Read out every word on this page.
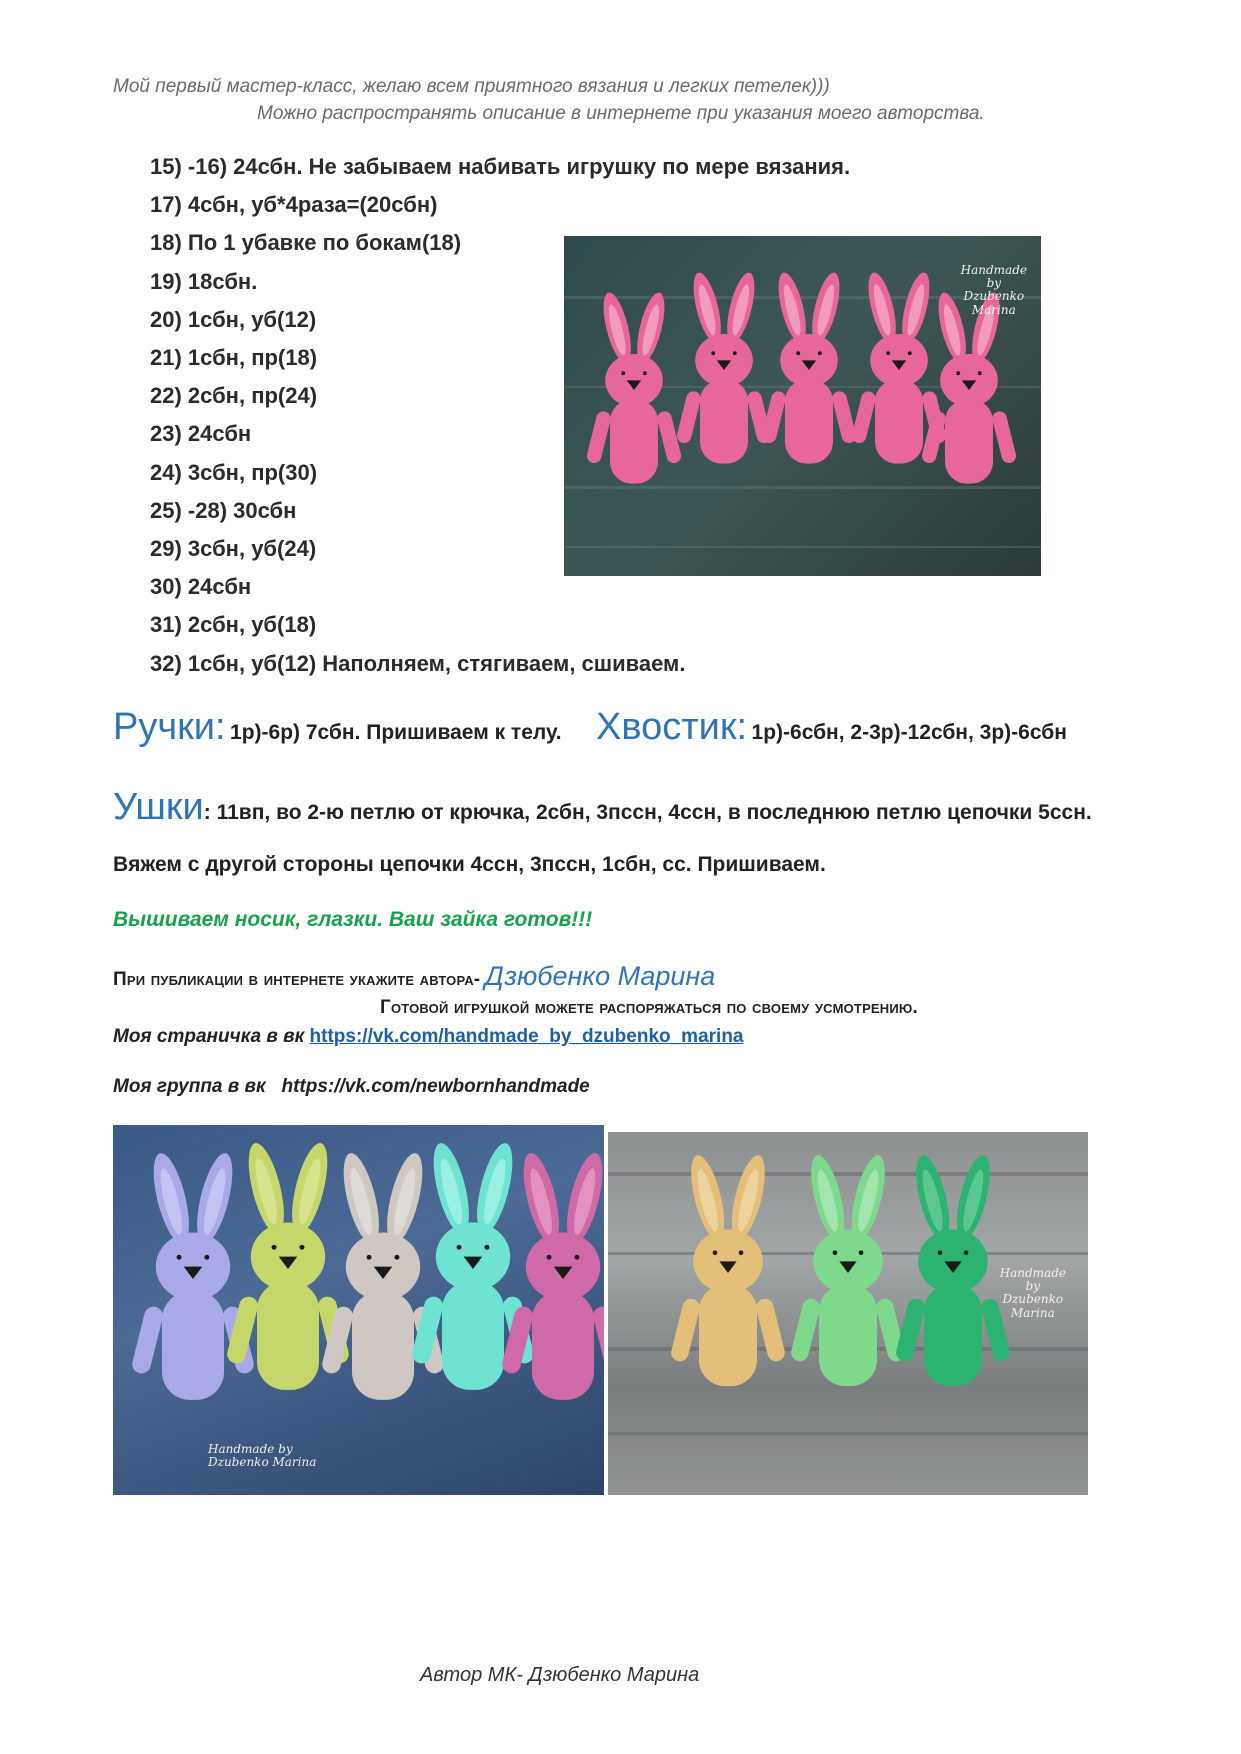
Мой первый мастер-класс, желаю всем приятного вязания и легких петелек)))
Можно распространять описание в интернете при указания моего авторства.
15) -16) 24сбн. Не забываем набивать игрушку по мере вязания.
17) 4сбн, уб*4раза=(20сбн)
18) По 1 убавке по бокам(18)
19) 18сбн.
20) 1сбн, уб(12)
21) 1сбн, пр(18)
22) 2сбн, пр(24)
23) 24сбн
24) 3сбн, пр(30)
25) -28) 30сбн
29) 3сбн, уб(24)
30) 24сбн
31) 2сбн, уб(18)
32) 1сбн, уб(12) Наполняем, стягиваем, сшиваем.
Handmade
by
Dzubenko
Marina
Ручки: 1р)-6р) 7сбн. Пришиваем к телу. Хвостик: 1р)-6сбн, 2-3р)-12сбн, 3р)-6сбн
Ушки: 11вп, во 2-ю петлю от крючка, 2сбн, 3пссн, 4ссн, в последнюю петлю цепочки 5ссн.
Вяжем с другой стороны цепочки 4ссн, 3пссн, 1сбн, сс. Пришиваем.
Вышиваем носик, глазки. Ваш зайка готов!!!
При публикации в интернете укажите автора- Дзюбенко Марина
Готовой игрушкой можете распоряжаться по своему усмотрению.
Моя страничка в вк https://vk.com/handmade_by_dzubenko_marina
Моя группа в вк https://vk.com/newbornhandmade
Handmade by
Dzubenko Marina
Handmade
by
Dzubenko
Marina
Автор МК- Дзюбенко Марина
